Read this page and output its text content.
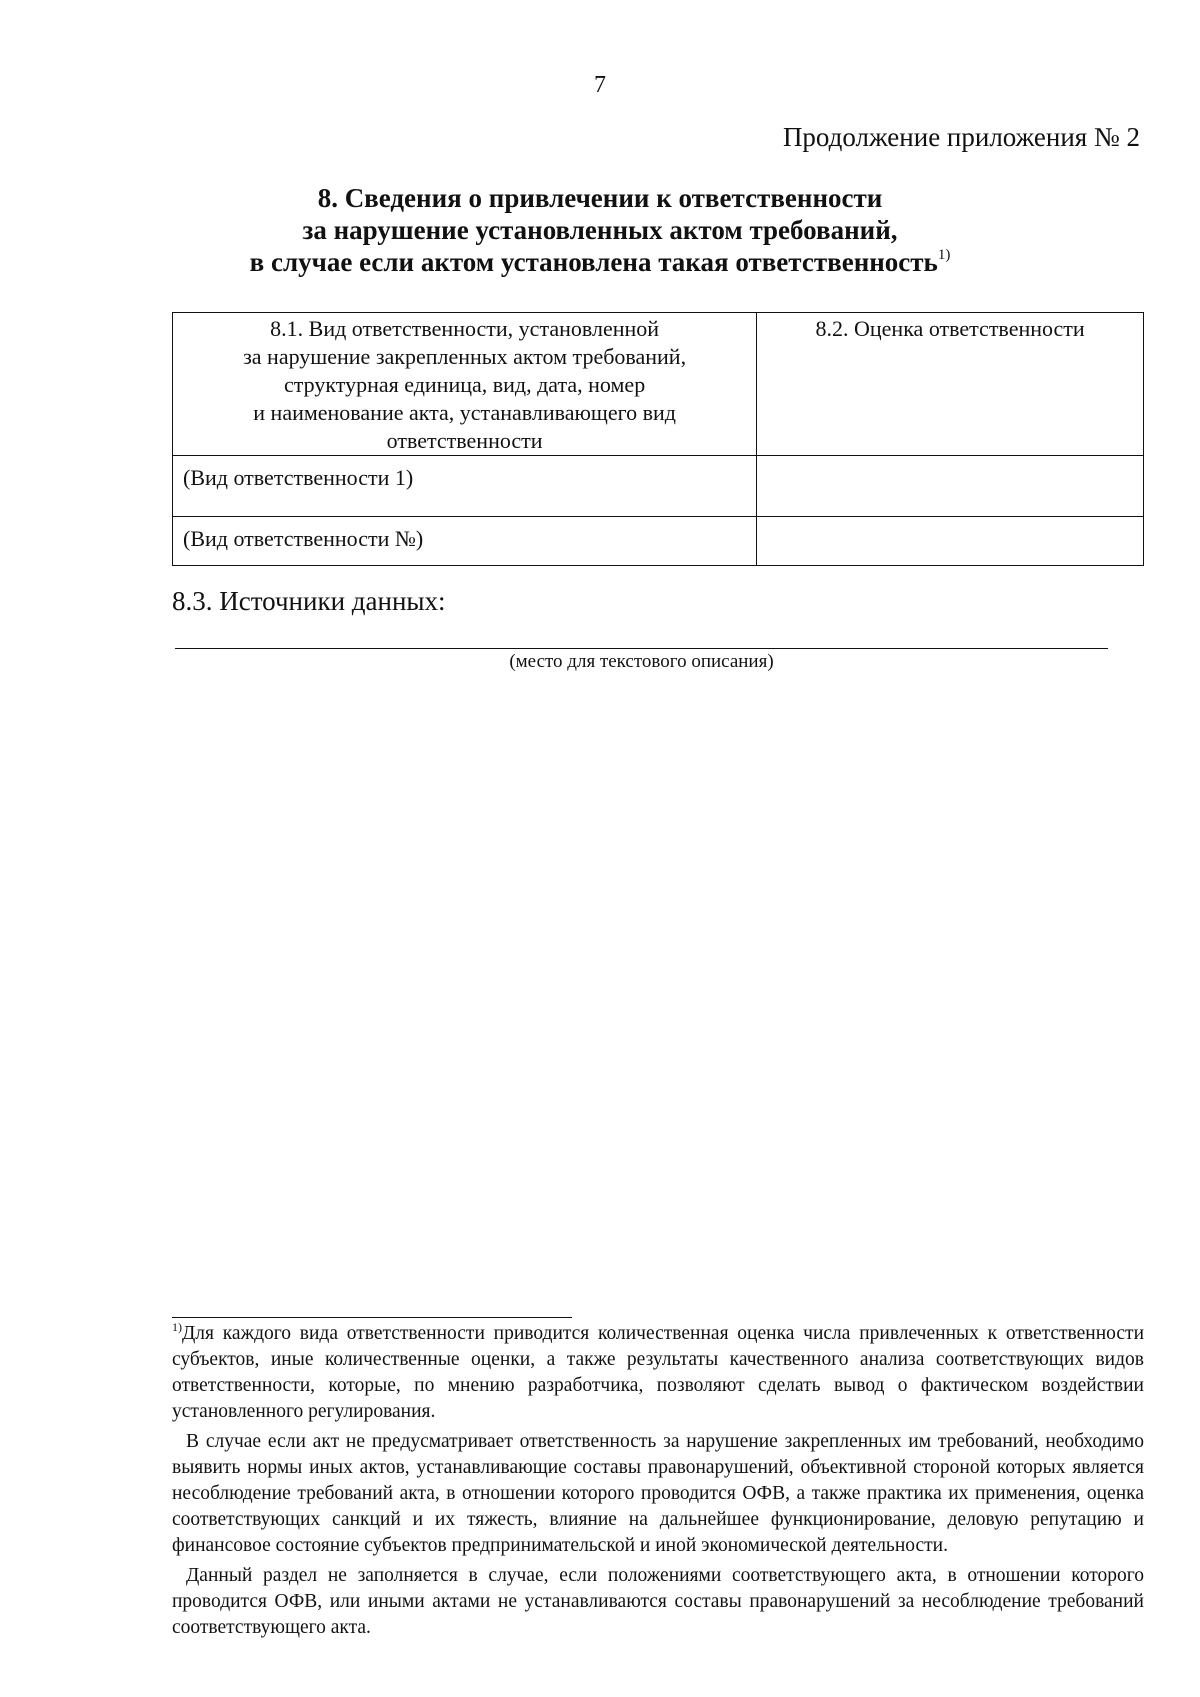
7
Продолжение приложения № 2
8. Сведения о привлечении к ответственности
за нарушение установленных актом требований,
в случае если актом установлена такая ответственность$^{1)}$
8.1. Вид ответственности, установленной
за нарушение закрепленных актом требований,
структурная единица, вид, дата, номер
и наименование акта, устанавливающего вид
ответственности	8.2. Оценка ответственности
(Вид ответственности 1)	
(Вид ответственности №)	
8.3. Источники данных:
(место для текстового описания)

$^{1)}$Для каждого вида ответственности приводится количественная оценка числа привлеченных к ответственности субъектов, иные количественные оценки, а также результаты качественного анализа соответствующих видов ответственности, которые, по мнению разработчика, позволяют сделать вывод о фактическом воздействии установленного регулирования.

В случае если акт не предусматривает ответственность за нарушение закрепленных им требований, необходимо выявить нормы иных актов, устанавливающие составы правонарушений, объективной стороной которых является несоблюдение требований акта, в отношении которого проводится ОФВ, а также практика их применения, оценка соответствующих санкций и их тяжесть, влияние на дальнейшее функционирование, деловую репутацию и финансовое состояние субъектов предпринимательской и иной экономической деятельности.

Данный раздел не заполняется в случае, если положениями соответствующего акта, в отношении которого проводится ОФВ, или иными актами не устанавливаются составы правонарушений за несоблюдение требований соответствующего акта.
